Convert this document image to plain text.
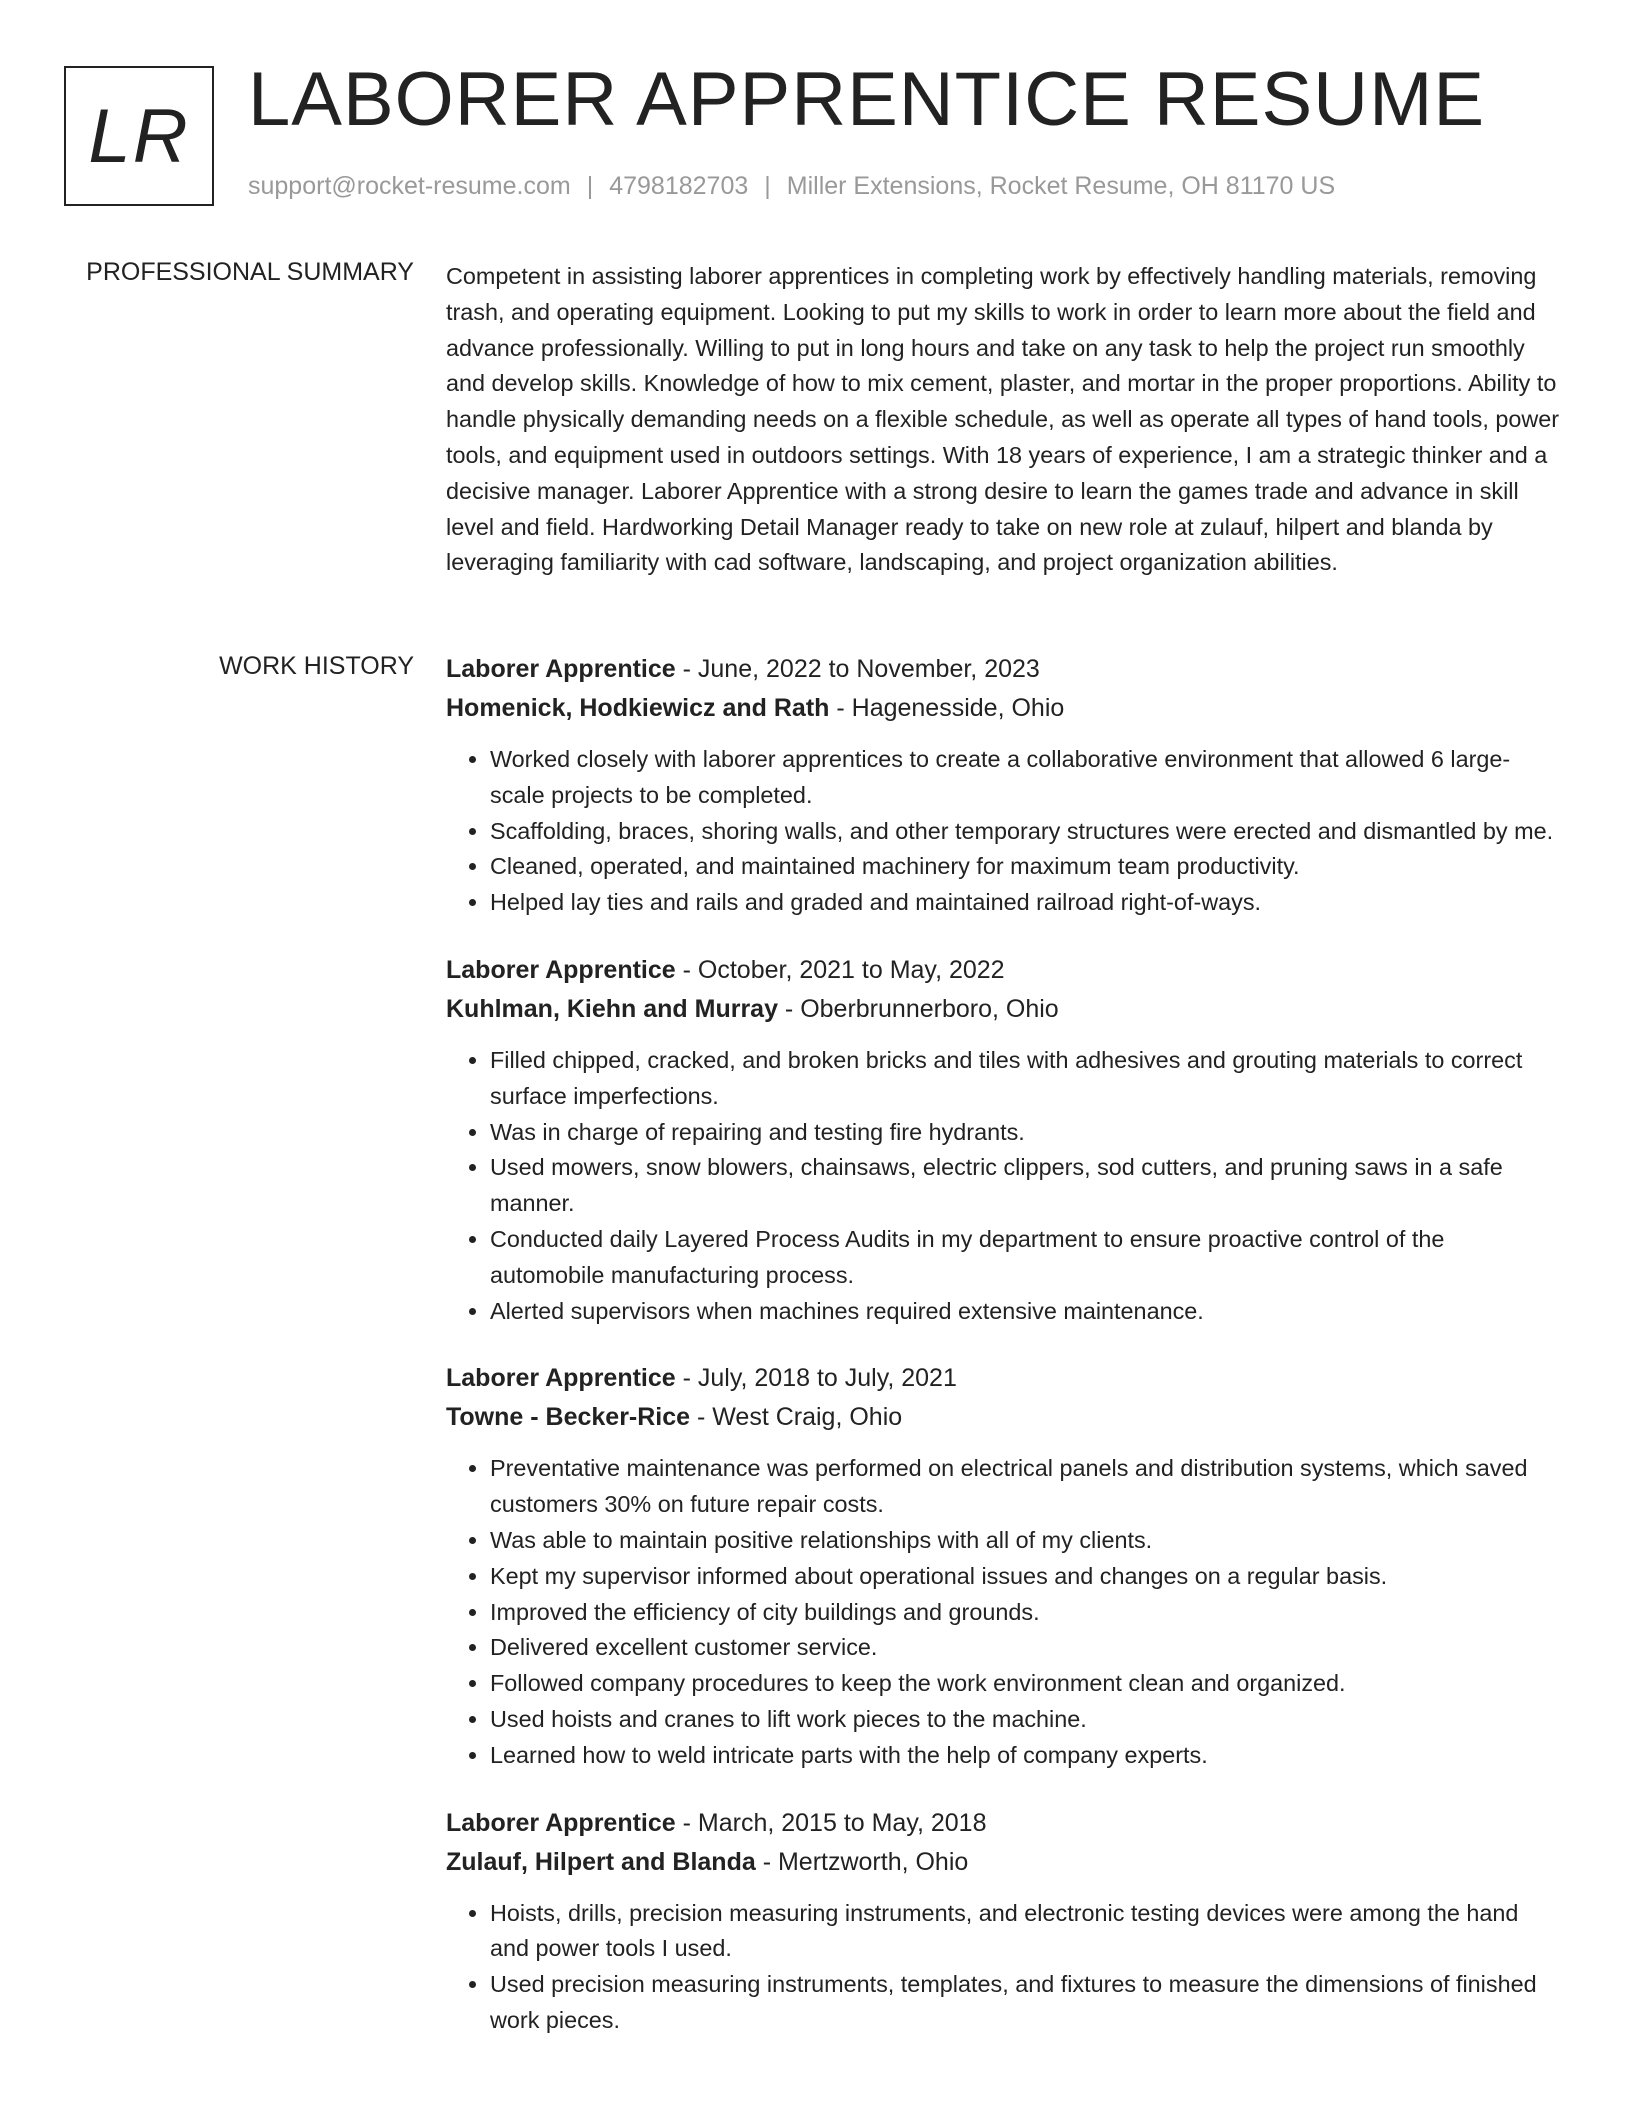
LR LABORER APPRENTICE RESUME
support@rocket-resume.com | 4798182703 | Miller Extensions, Rocket Resume, OH 81170 US
PROFESSIONAL SUMMARY Competent in assisting laborer apprentices in completing work by effectively handling materials, removing trash, and operating equipment. Looking to put my skills to work in order to learn more about the field and advance professionally. Willing to put in long hours and take on any task to help the project run smoothly and develop skills. Knowledge of how to mix cement, plaster, and mortar in the proper proportions. Ability to handle physically demanding needs on a flexible schedule, as well as operate all types of hand tools, power tools, and equipment used in outdoors settings. With 18 years of experience, I am a strategic thinker and a decisive manager. Laborer Apprentice with a strong desire to learn the games trade and advance in skill level and field. Hardworking Detail Manager ready to take on new role at zulauf, hilpert and blanda by leveraging familiarity with cad software, landscaping, and project organization abilities.

WORK HISTORY Laborer Apprentice - June, 2022 to November, 2023
Homenick, Hodkiewicz and Rath - Hagenesside, Ohio
• Worked closely with laborer apprentices to create a collaborative environment that allowed 6 large-scale projects to be completed.
• Scaffolding, braces, shoring walls, and other temporary structures were erected and dismantled by me.
• Cleaned, operated, and maintained machinery for maximum team productivity.
• Helped lay ties and rails and graded and maintained railroad right-of-ways.
Laborer Apprentice - October, 2021 to May, 2022
Kuhlman, Kiehn and Murray - Oberbrunnerboro, Ohio
• Filled chipped, cracked, and broken bricks and tiles with adhesives and grouting materials to correct surface imperfections.
• Was in charge of repairing and testing fire hydrants.
• Used mowers, snow blowers, chainsaws, electric clippers, sod cutters, and pruning saws in a safe manner.
• Conducted daily Layered Process Audits in my department to ensure proactive control of the automobile manufacturing process.
• Alerted supervisors when machines required extensive maintenance.
Laborer Apprentice - July, 2018 to July, 2021
Towne - Becker-Rice - West Craig, Ohio
• Preventative maintenance was performed on electrical panels and distribution systems, which saved customers 30% on future repair costs.
• Was able to maintain positive relationships with all of my clients.
• Kept my supervisor informed about operational issues and changes on a regular basis.
• Improved the efficiency of city buildings and grounds.
• Delivered excellent customer service.
• Followed company procedures to keep the work environment clean and organized.
• Used hoists and cranes to lift work pieces to the machine.
• Learned how to weld intricate parts with the help of company experts.
Laborer Apprentice - March, 2015 to May, 2018
Zulauf, Hilpert and Blanda - Mertzworth, Ohio
• Hoists, drills, precision measuring instruments, and electronic testing devices were among the hand and power tools I used.
• Used precision measuring instruments, templates, and fixtures to measure the dimensions of finished work pieces.
